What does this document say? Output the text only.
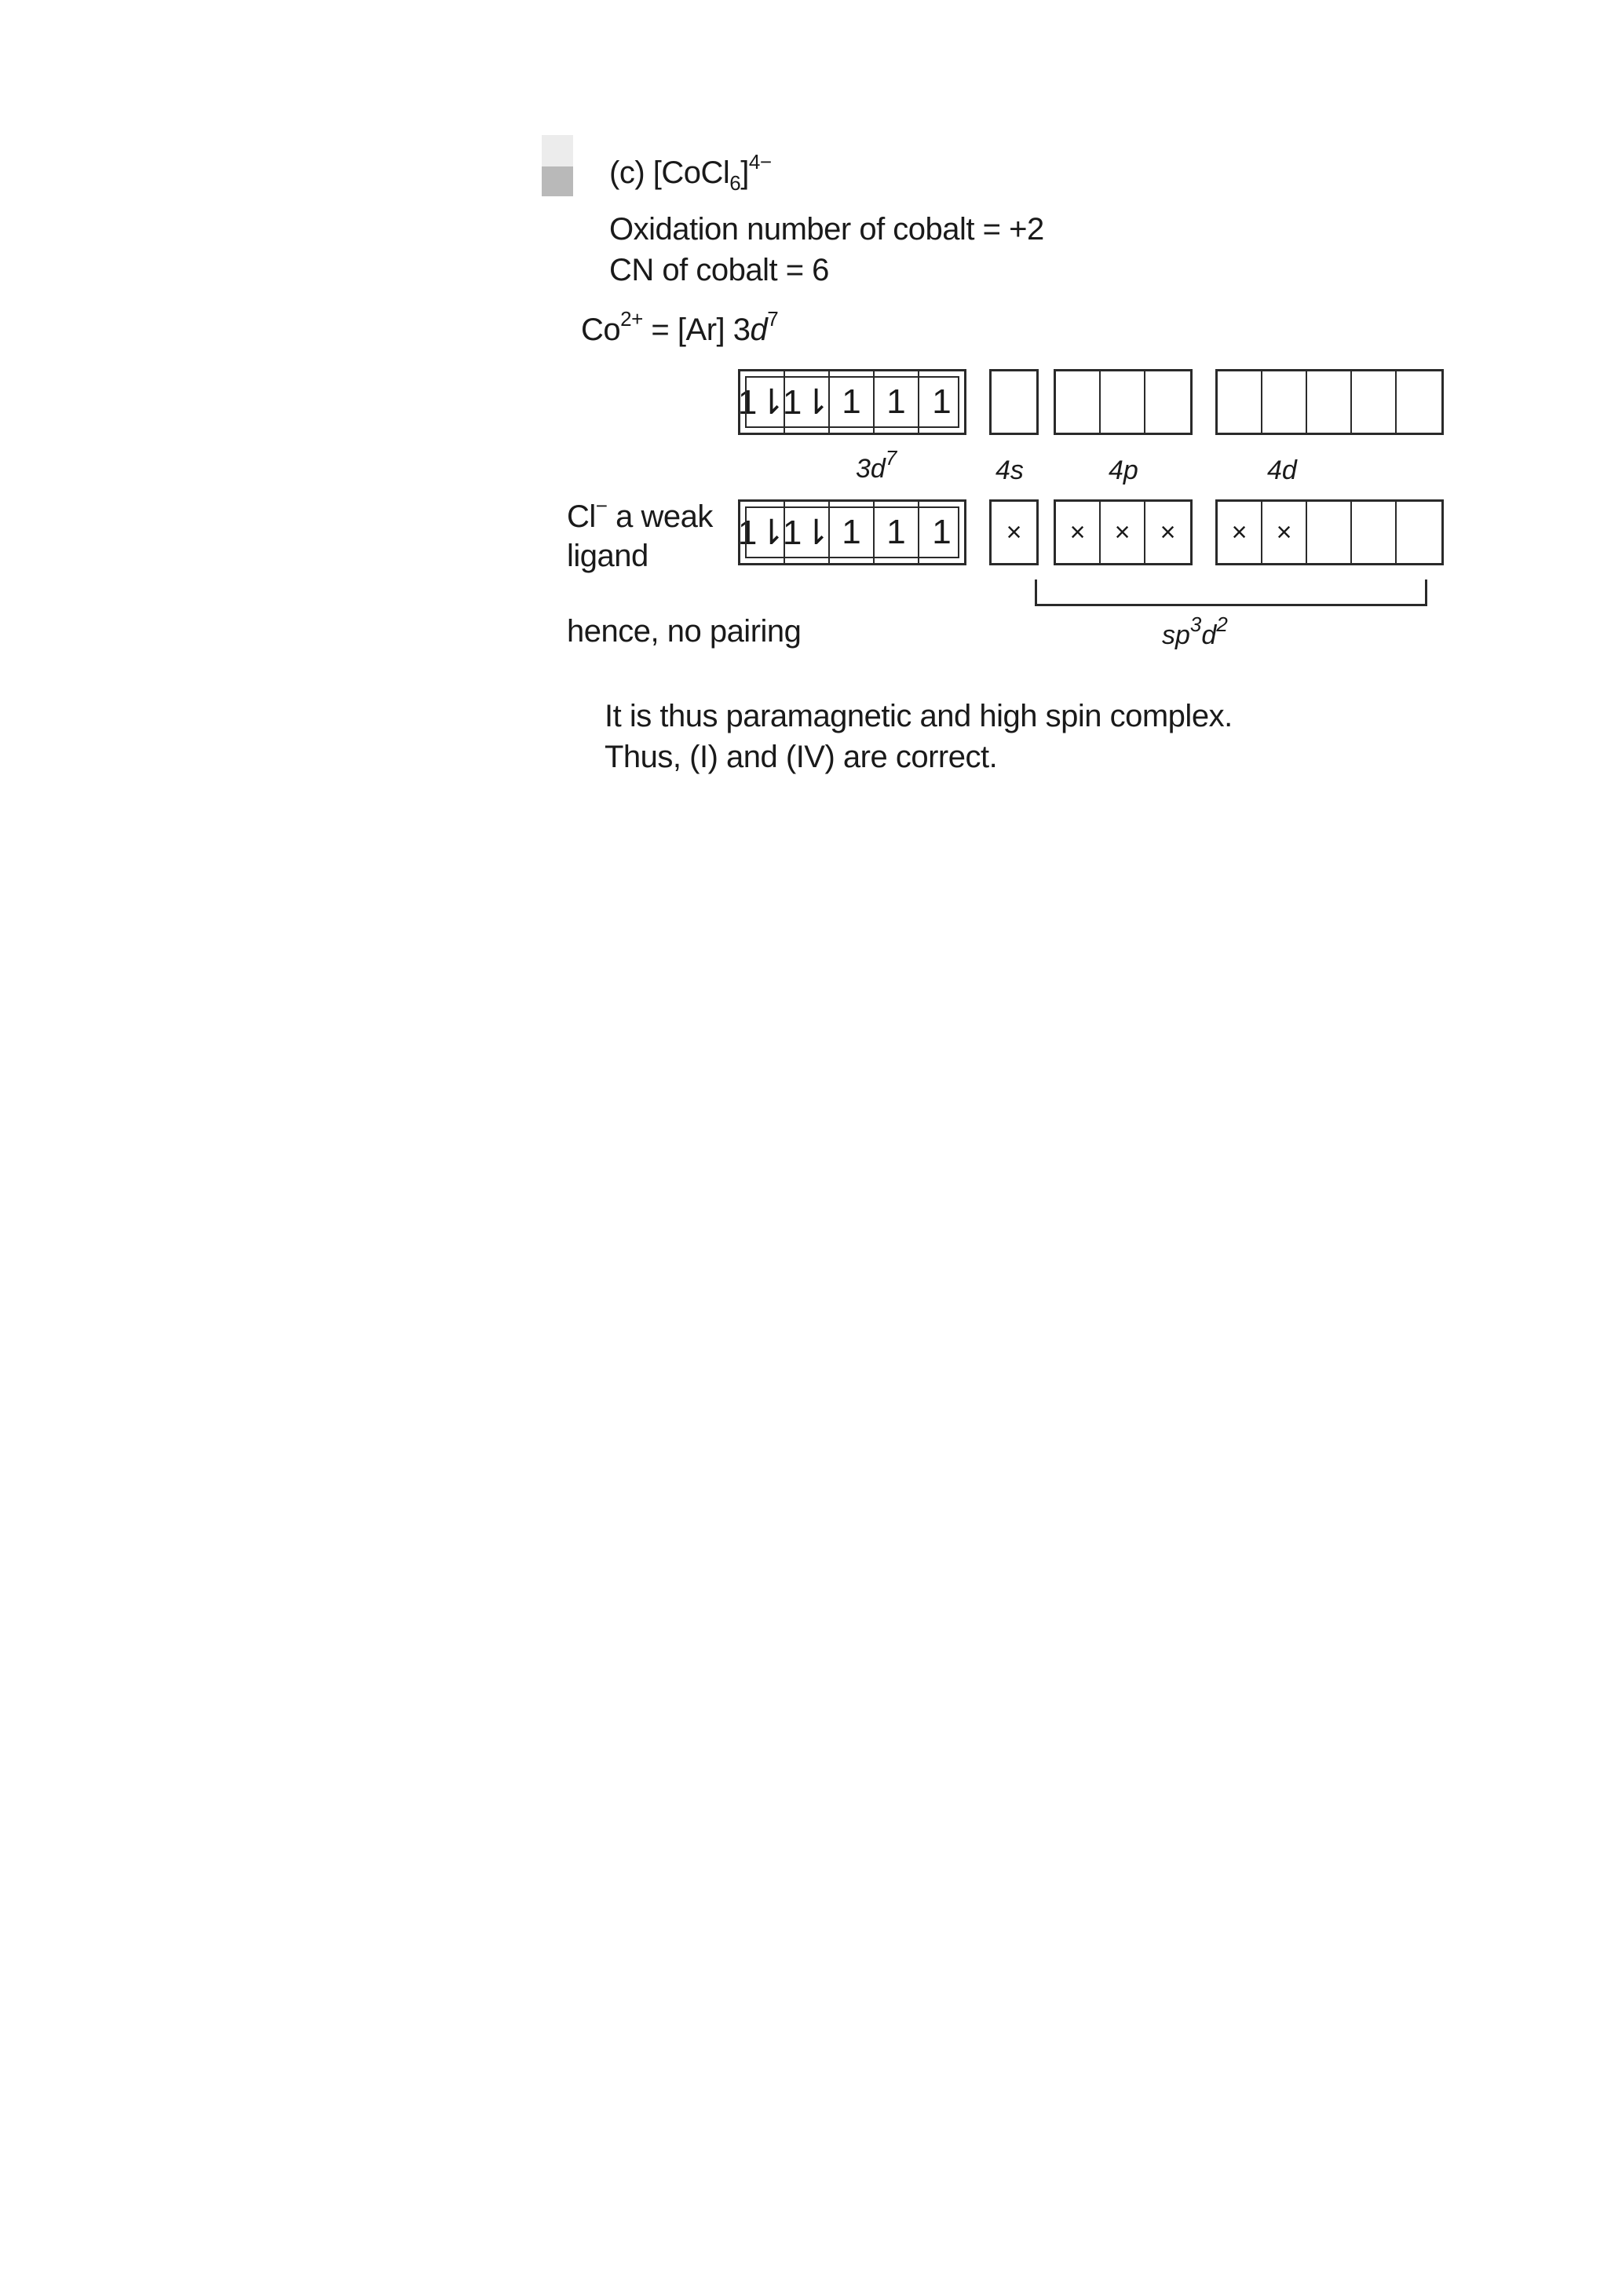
(c) [CoCl$_6$]$^{4-}$
Oxidation number of cobalt = +2
CN of cobalt = 6
$Co^{2+} = [Ar]$ $3d^7$
1⇂
1⇂ 1 1 1
$3d^7$	4s	4p	4d
Cl− a weak
ligand
1⇂
1⇂ 1 1 1	×	×	×	×	×	×
hence, no pairing	$sp^3d^2$
It is thus paramagnetic and high spin complex.
Thus, (I) and (IV) are correct.
